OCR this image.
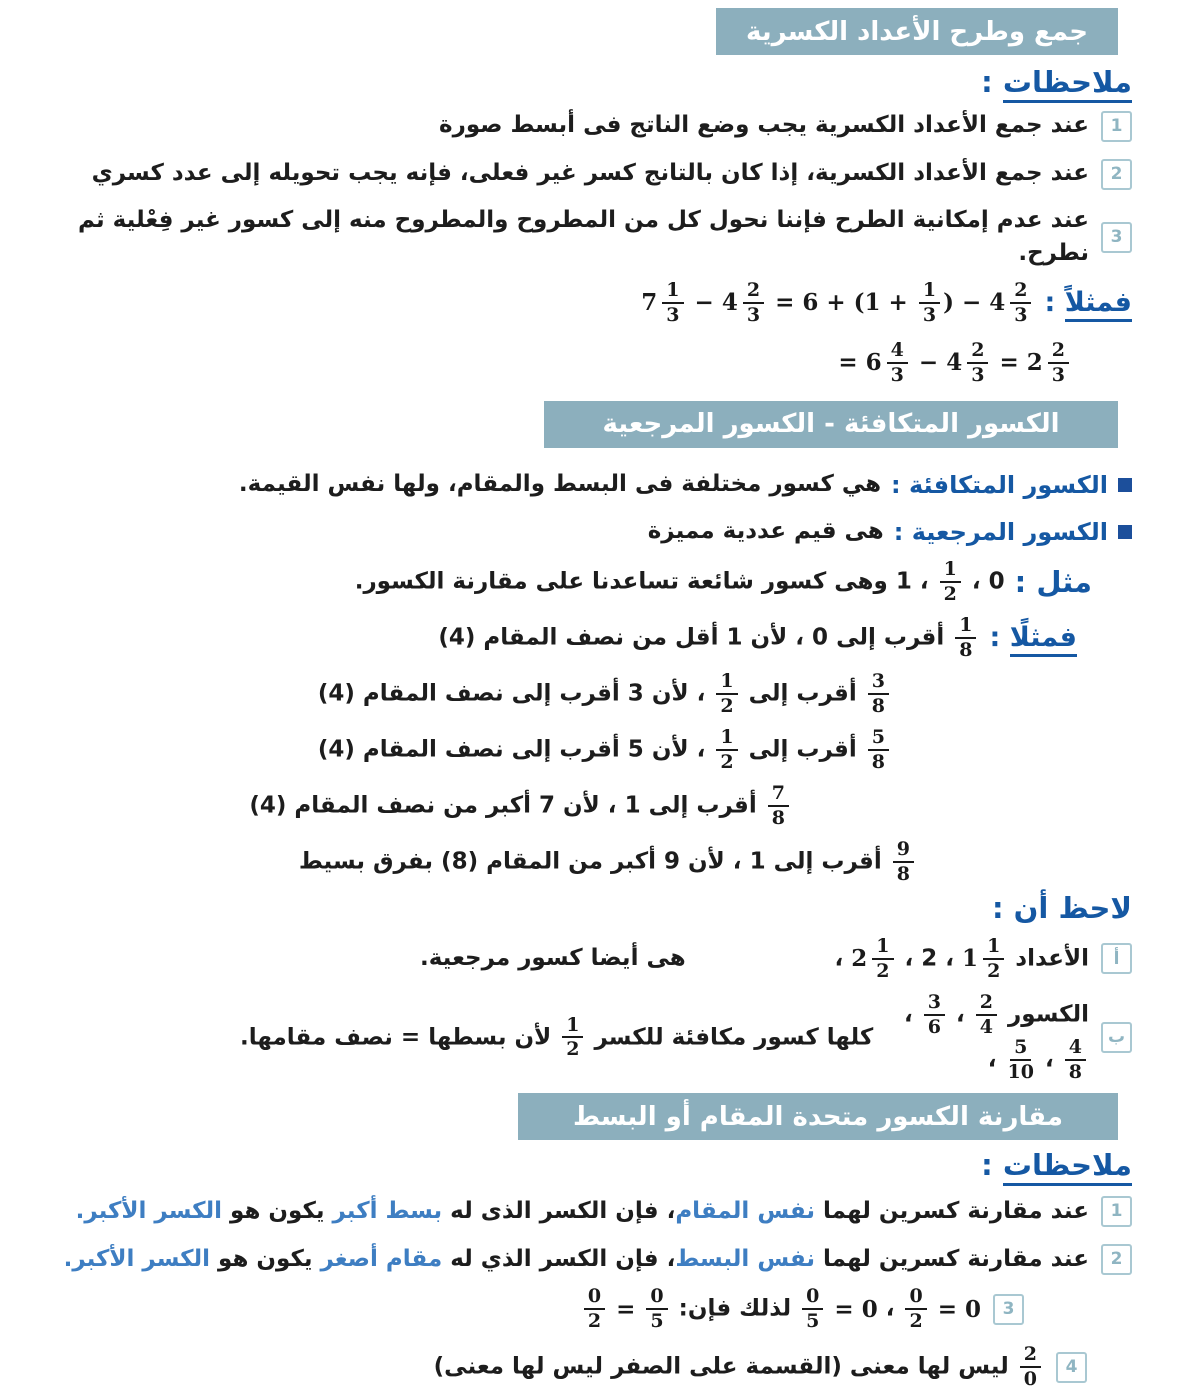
جمع وطرح الأعداد الكسرية
ملاحظات :
1
عند جمع الأعداد الكسرية يجب وضع الناتج فى أبسط صورة
2
عند جمع الأعداد الكسرية، إذا كان بالتانج كسر غير فعلى، فإنه يجب تحويله إلى عدد كسري
3
عند عدم إمكانية الطرح فإننا نحول كل من المطروح والمطروح منه إلى كسور غير فِعْلية ثم نطرح.
فمثلاً :
$7 \frac{1}{3} - 4 \frac{2}{3} = 6 + (1 + \frac{1}{3}$ ) − $4 \frac{2}{3}$
= $6 \frac{4}{3} - 4 \frac{2}{3} = 2 \frac{2}{3}$
الكسور المتكافئة - الكسور المرجعية
الكسور المتكافئة :
هي كسور مختلفة فى البسط والمقام، ولها نفس القيمة.
الكسور المرجعية :
هى قيم عددية مميزة
مثل :
0 ،
$\frac{1}{2}$
، 1 وهى كسور شائعة تساعدنا على مقارنة الكسور.
فمثلًا :
$\frac{1}{8}$
أقرب إلى 0 ، لأن 1 أقل من نصف المقام (4)
$\frac{3}{8}$
أقرب إلى
$\frac{1}{2}$
، لأن 3 أقرب إلى نصف المقام (4)
$\frac{5}{8}$
أقرب إلى
$\frac{1}{2}$
، لأن 5 أقرب إلى نصف المقام (4)
$\frac{7}{8}$
أقرب إلى 1 ، لأن 7 أكبر من نصف المقام (4)
$\frac{9}{8}$
أقرب إلى 1 ، لأن 9 أكبر من المقام (8) بفرق بسيط
لاحظ أن :
أ
الأعداد
$1 \frac{1}{2}$
، 2 ،
$2 \frac{1}{2}$
،
هى أيضا كسور مرجعية.
ب
الكسور
$\frac{2}{4}$
،
$\frac{3}{6}$
،
$\frac{4}{8}$
،
$\frac{5}{10}$
،
كلها كسور مكافئة للكسر
$\frac{1}{2}$
لأن بسطها = نصف مقامها.
مقارنة الكسور متحدة المقام أو البسط
ملاحظات :
1
عند مقارنة كسرين لهما نفس المقام، فإن الكسر الذى له بسط أكبر يكون هو الكسر الأكبر.
2
عند مقارنة كسرين لهما نفس البسط، فإن الكسر الذي له مقام أصغر يكون هو الكسر الأكبر.
3
$\frac{0}{2} = 0$
،
$\frac{0}{5} = 0$
لذلك فإن:
$\frac{0}{2} = \frac{0}{5}$
4
$\frac{2}{0}$
ليس لها معنى (القسمة على الصفر ليس لها معنى)
